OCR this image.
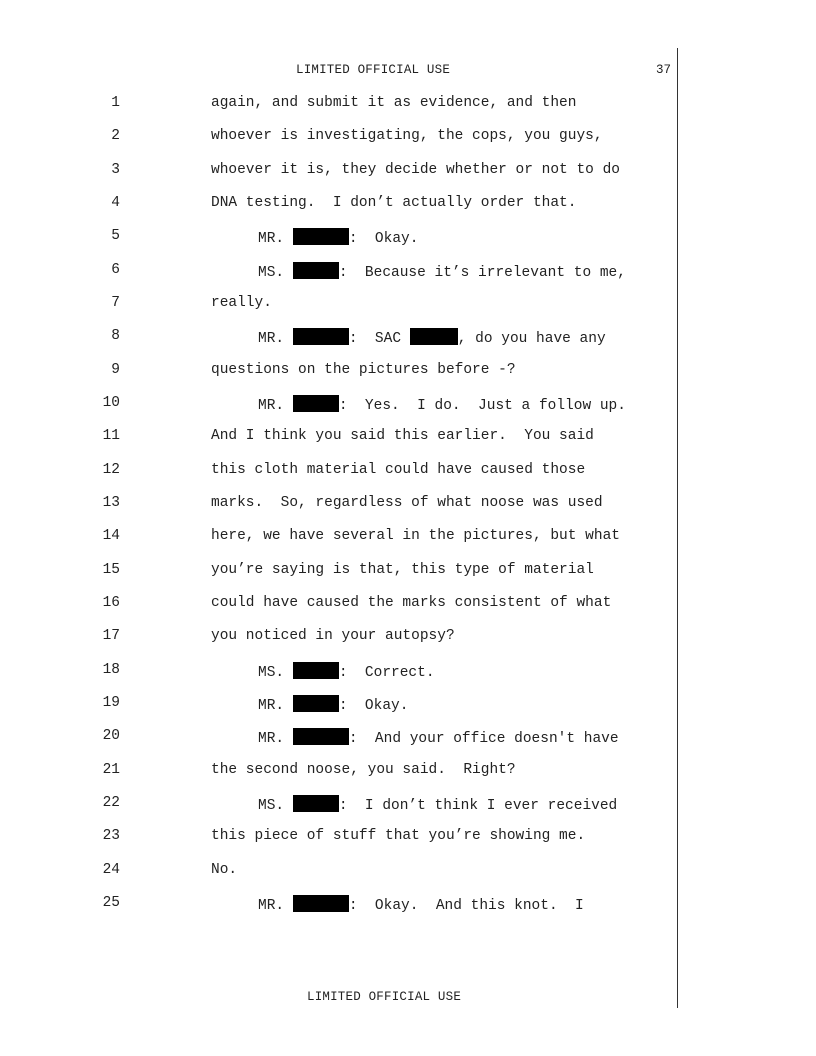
LIMITED OFFICIAL USE	37
1	again, and submit it as evidence, and then
2	whoever is investigating, the cops, you guys,
3	whoever it is, they decide whether or not to do
4	DNA testing.  I don’t actually order that.
5	MR.	:  Okay.
6	MS.	:  Because it’s irrelevant to me,
7	really.
8	MR.	:  SAC	, do you have any
9	questions on the pictures before -?
10	MR.	:  Yes.  I do.  Just a follow up.
11	And I think you said this earlier.  You said
12	this cloth material could have caused those
13	marks.  So, regardless of what noose was used
14	here, we have several in the pictures, but what
15	you’re saying is that, this type of material
16	could have caused the marks consistent of what
17	you noticed in your autopsy?
18	MS.	:  Correct.
19	MR.	:  Okay.
20	MR.	:  And your office doesn't have
21	the second noose, you said.  Right?
22	MS.	:  I don’t think I ever received
23	this piece of stuff that you’re showing me.
24	No.
25	MR.	:  Okay.  And this knot.  I
LIMITED OFFICIAL USE
